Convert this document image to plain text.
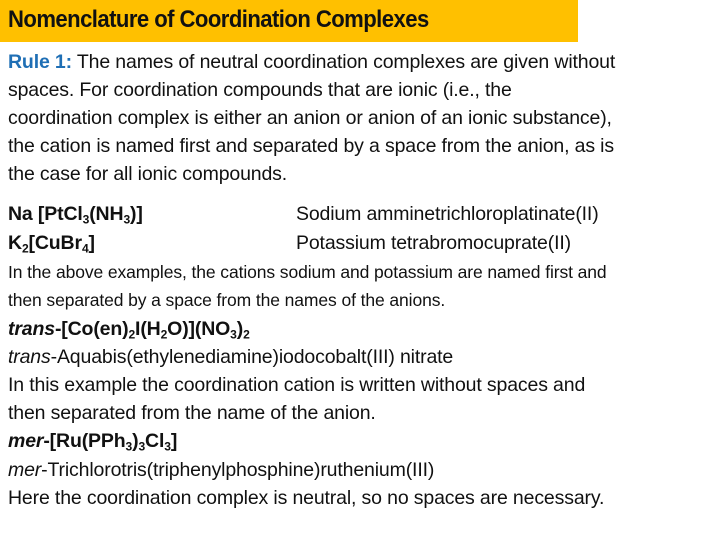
Nomenclature of Coordination Complexes
Rule 1: The names of neutral coordination complexes are given without
spaces. For coordination compounds that are ionic (i.e., the
coordination complex is either an anion or anion of an ionic substance),
the cation is named first and separated by a space from the anion, as is
the case for all ionic compounds.
Na $[PtCl_3(NH_3)]$	Sodium amminetrichloroplatinate(II)
$K_2[CuBr_4]$	Potassium tetrabromocuprate(II)
In the above examples, the cations sodium and potassium are named first and
then separated by a space from the names of the anions.
trans-$[Co(en)_2I(H_2O)](NO_3)_2$
trans-Aquabis(ethylenediamine)iodocobalt(III) nitrate
In this example the coordination cation is written without spaces and
then separated from the name of the anion.
mer-$[Ru(PPh_3)_3Cl_3]$
mer-Trichlorotris(triphenylphosphine)ruthenium(III)
Here the coordination complex is neutral, so no spaces are necessary.
